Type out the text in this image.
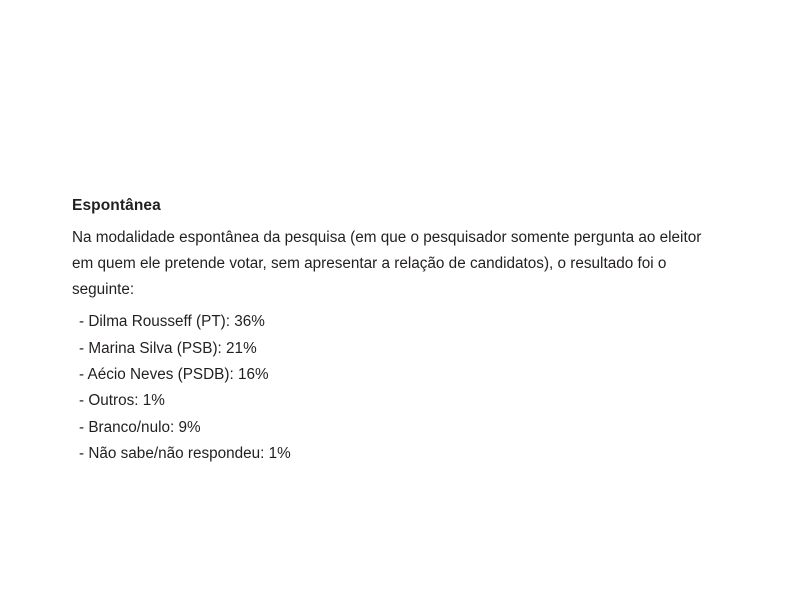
Espontânea

Na modalidade espontânea da pesquisa (em que o pesquisador somente pergunta ao eleitor em quem ele pretende votar, sem apresentar a relação de candidatos), o resultado foi o seguinte:

- Dilma Rousseff (PT): 36%
- Marina Silva (PSB): 21%
- Aécio Neves (PSDB): 16%
- Outros: 1%
- Branco/nulo: 9%
- Não sabe/não respondeu: 1%
